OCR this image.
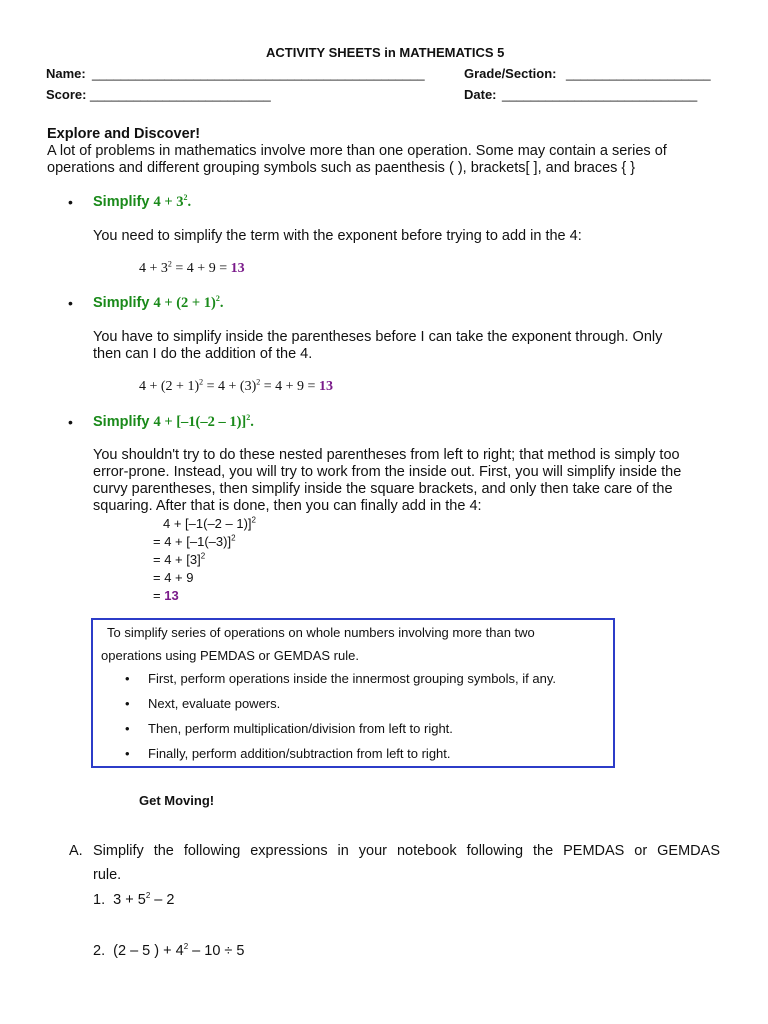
ACTIVITY SHEETS in MATHEMATICS 5
Name: ______________________________________________	Grade/Section: ____________________
Score: _________________________	Date: ___________________________
Explore and Discover!
A lot of problems in mathematics involve more than one operation. Some may contain a series of
operations and different grouping symbols such as paenthesis ( ), brackets[ ], and braces { }
• Simplify $4 + 3^2$.
You need to simplify the term with the exponent before trying to add in the 4:
$4 + 3^2 = 4 + 9 = 13$
• Simplify $4 + (2 + 1)^2$.
You have to simplify inside the parentheses before I can take the exponent through. Only
then can I do the addition of the 4.
$4 + (2 + 1)^2 = 4 + (3)^2 = 4 + 9 = 13$
• Simplify 4 + [–1(–2 – 1)]$^2$.
You shouldn't try to do these nested parentheses from left to right; that method is simply too
error-prone. Instead, you will try to work from the inside out. First, you will simplify inside the
curvy parentheses, then simplify inside the square brackets, and only then take care of the
squaring. After that is done, then you can finally add in the 4:
4 + [–1(–2 – 1)]$^2$
= $4 + [-1(-3)]^2$
= $4 + [3]^2$
= 4 + 9
= 13
To simplify series of operations on whole numbers involving more than two
operations using PEMDAS or GEMDAS rule.
• First, perform operations inside the innermost grouping symbols, if any.
• Next, evaluate powers.
• Then, perform multiplication/division from left to right.
• Finally, perform addition/subtraction from left to right.
Get Moving!
A. Simplify the following expressions in your notebook following the PEMDAS or GEMDAS
rule.
1. $3 + 5^2 - 2$
2. (2 – 5 ) + $4^2 - 10 \div 5$
